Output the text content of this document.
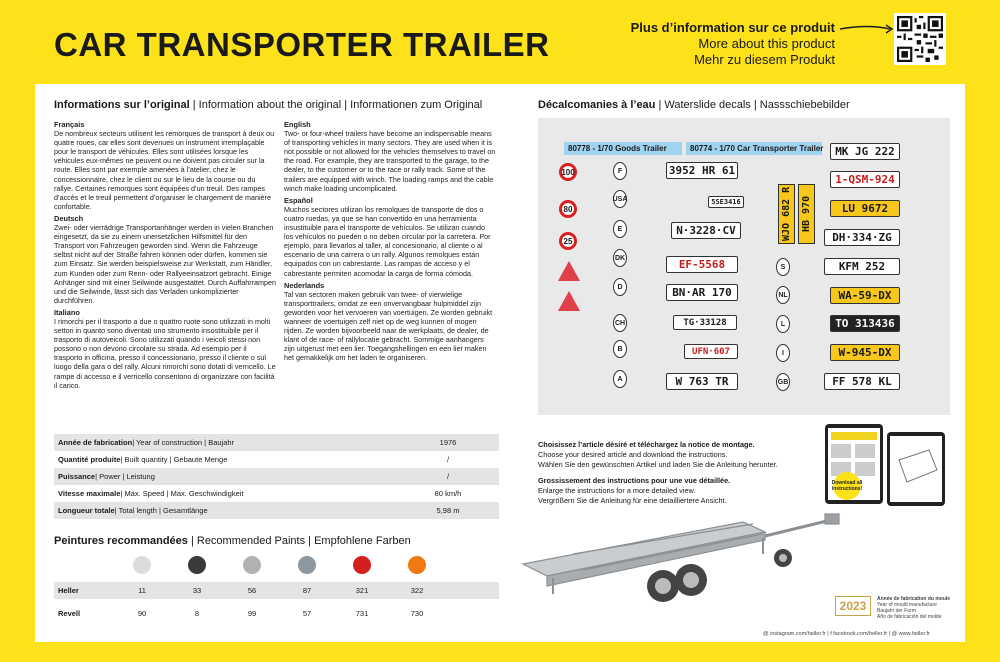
CAR TRANSPORTER TRAILER	Plus d’information sur ce produit
More about this product
Mehr zu diesem Produkt
Informations sur l’original | Information about the original | Informationen zum Original
Français

De nombreux secteurs utilisent les remorques de transport à deux ou quatre roues, car elles sont devenues un instrument irremplaçable pour le transport de véhicules. Elles sont utilisées lorsque les véhicules eux-mêmes ne peuvent ou ne doivent pas circuler sur la route. Elles sont par exemple amenées à l’atelier, chez le concessionnaire, chez le client ou sur le lieu de la course ou du rallye. Certaines remorques sont équipées d’un treuil. Des rampes d’accès et le treuil permettent d’organiser le chargement de manière confortable.

Deutsch

Zwei- oder vierrädrige Transportanhänger werden in vielen Branchen eingesetzt, da sie zu einem unersetzlichen Hilfsmittel für den Transport von Fahrzeugen geworden sind. Wenn die Fahrzeuge selbst nicht auf der Straße fahren können oder dürfen, kommen sie zum Einsatz. Sie werden beispielsweise zur Werkstatt, zum Händler, zum Kunden oder zum Renn- oder Rallyeeinsatzort gebracht. Einige Anhänger sind mit einer Seilwinde ausgestattet. Durch Auffahrrampen und die Seilwinde, lässt sich das Verladen unkomplizierter durchführen.

Italiano

I rimorchi per il trasporto a due o quattro ruote sono utilizzati in molti settori in quanto sono diventati uno strumento insostituibile per il trasporto di autoveicoli. Sono utilizzati quando i veicoli stessi non possono o non devono circolare su strada. Ad esempio per il trasporto in officina, presso il concessionario, presso il cliente o sul luogo della gara o del rally. Alcuni rimorchi sono dotati di verricello. Le rampe di accesso e il verricello consentono di organizzare con facilità il carico.

English

Two- or four-wheel trailers have become an indispensable means of transporting vehicles in many sectors. They are used when it is not possible or not allowed for the vehicles themselves to travel on the road. For example, they are transported to the garage, to the dealer, to the customer or to the race or rally track. Some of the trailers are equipped with winch. The loading ramps and the cable winch make loading uncomplicated.

Español

Muchos sectores utilizan los remolques de transporte de dos o cuatro ruedas, ya que se han convertido en una herramienta insustituible para el transporte de vehículos. Se utilizan cuando los vehículos no pueden o no deben circular por la carretera. Por ejemplo, para llevarlos al taller, al concesionario, al cliente o al escenario de una carrera o un rally. Algunos remolques están equipados con un cabrestante. Las rampas de acceso y el cabrestante permiten acomodar la carga de forma cómoda.

Nederlands

Tal van sectoren maken gebruik van twee- of vierwielige transporttrailers, omdat ze een onvervangbaar hulpmiddel zijn geworden voor het vervoeren van voertuigen. Ze worden gebruikt wanneer de voertuigen zelf niet op de weg kunnen of mogen rijden. Ze worden bijvoorbeeld naar de werkplaats, de dealer, de klant of de race- of rallylocatie gebracht. Sommige aanhangers zijn uitgerust met een lier. Toegangshellingen en een lier maken het gemakkelijk om het laden te organiseren.

Année de fabrication | Year of construction | Baujahr	1976
Quantité produite | Built quantity | Gebaute Menge	/
Puissance | Power | Leistung	/
Vitesse maximale | Max. Speed | Max. Geschwindigkeit	80 km/h
Longueur totale | Total length | Gesamtlänge	5,98 m
Peintures recommandées | Recommended Paints | Empfohlene Farben
Heller	11	33	56	87	321	322
Revell	90	8	99	57	731	730
Décalcomanies à l’eau | Waterslide decals | Nassschiebebilder
80778 - 1/70 Goods Trailer	80774 - 1/70 Car Transporter Trailer
100
80
25
F
USA
E
DK
D
CH
B
A
3952 HR 61
5SE3416
N·3228·CV
EF-5568
BN·AR 170
TG·33128
UFN·607
W 763 TR
WJO 682 R HB 970
S
NL
L
I
GB
MK JG 222
1-QSM-924
LU 9672
DH·334·ZG
KFM 252
WA-59-DX
TO 313436
W-945-DX
FF 578 KL

Choisissez l’article désiré et téléchargez la notice de montage.
Choose your desired article and download the instructions.
Wählen Sie den gewünschten Artikel und laden Sie die Anleitung herunter.

Grossissement des instructions pour une vue détaillée.
Enlarge the instructions for a more detailed view.
Vergrößern Sie die Anleitung für eine detailliertere Ansicht.

Download all
instructions!
2023	Année de fabrication du moule
Year of mould manufacture
Baujahr der Form
Año de fabricación del molde
@ instagram.com/heller.fr | f facebook.com/heller.fr | @ www.heller.fr
